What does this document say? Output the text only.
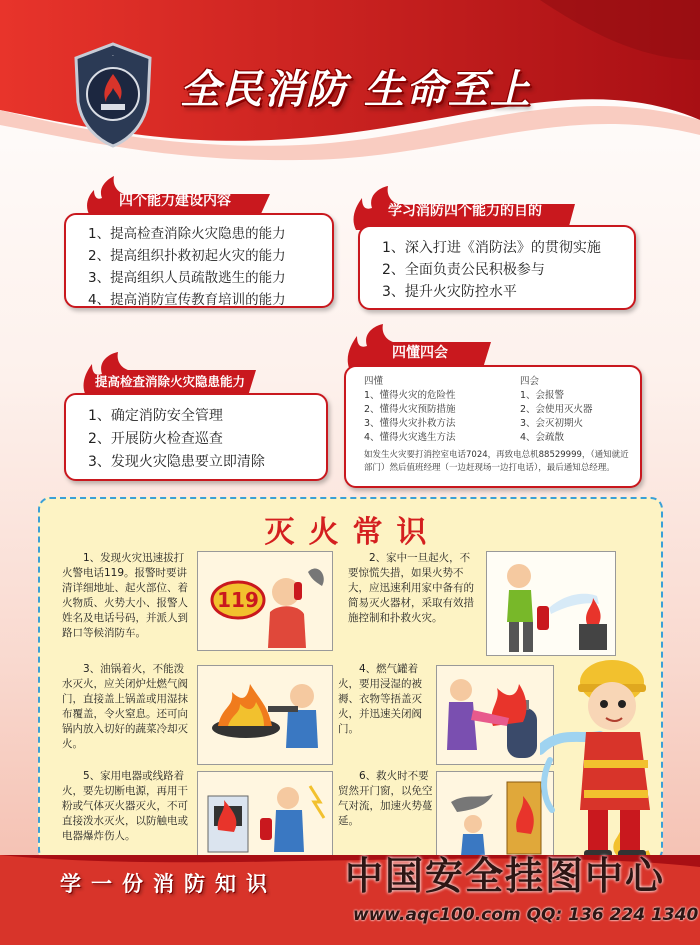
·
全民消防 生命至上
四个能力建设内容
1、提高检查消除火灾隐患的能力
2、提高组织扑救初起火灾的能力
3、提高组织人员疏散逃生的能力
4、提高消防宣传教育培训的能力
学习消防四个能力的目的
1、深入打进《消防法》的贯彻实施
2、全面负责公民积极参与
3、提升火灾防控水平
提高检查消除火灾隐患能力
1、确定消防安全管理
2、开展防火检查巡查
3、发现火灾隐患要立即清除
四懂四会
四懂
1、懂得火灾的危险性
2、懂得火灾预防措施
3、懂得火灾扑救方法
4、懂得火灾逃生方法
四会
1、会报警
2、会使用灭火器
3、会灭初期火
4、会疏散
如发生火灾要打消控室电话7024，再致电总机88529999，（通知就近部门）然后值班经理（一边赶现场一边打电话），最后通知总经理。
灭火常识
1、发现火灾迅速拔打火警电话119。报警时要讲清详细地址、起火部位、着火物质、火势大小、报警人姓名及电话号码，并派人到路口等候消防车。
119
2、家中一旦起火，不要惊慌失措，如果火势不大，应迅速利用家中备有的简易灭火器材，采取有效措施控制和扑救火灾。
3、油锅着火，不能泼水灭火，应关闭炉灶燃气阀门，直接盖上锅盖或用湿抹布覆盖，令火窒息。还可向锅内放入切好的蔬菜冷却灭火。
4、燃气罐着火，要用浸湿的被褥、衣物等捂盖灭火，并迅速关闭阀门。
5、家用电器或线路着火，要先切断电源，再用干粉或气体灭火器灭火，不可直接泼水灭火，以防触电或电器爆炸伤人。
6、救火时不要贸然开门窗，以免空气对流，加速火势蔓延。
学一份消防知识 中国安全挂图中心
www.aqc100.com QQ: 136 224 1340
